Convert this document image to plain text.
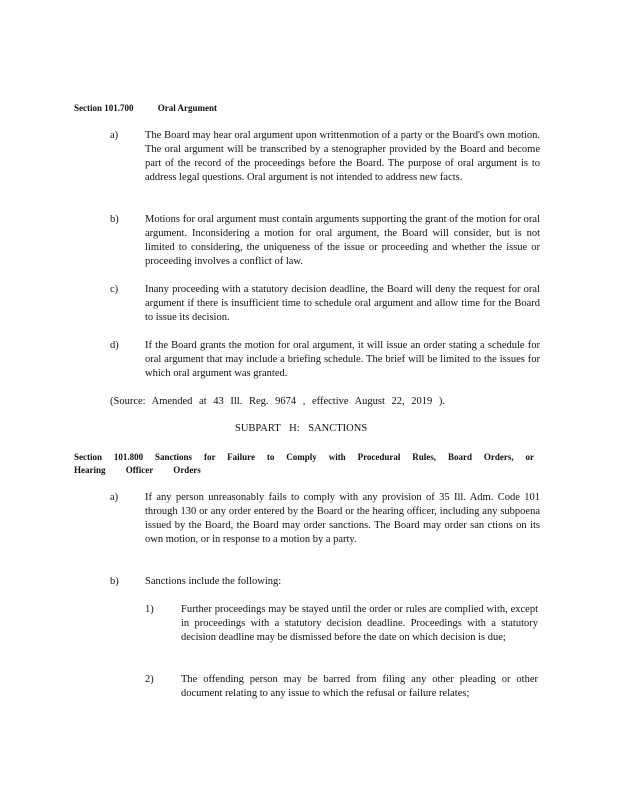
Section 101.700	Oral Argument
a)	The Board may hear oral argument upon writtenmotion of a party or the Board's own motion. The oral argument will be transcribed by a stenographer provided by the Board and become part of the record of the proceedings before the Board. The purpose of oral argument is to address legal questions. Oral argument is not intended to address new facts.
b)	Motions for oral argument must contain arguments supporting the grant of the motion for oral argument. Inconsidering a motion for oral argument, the Board will consider, but is not limited to considering, the uniqueness of the issue or proceeding and whether the issue or proceeding involves a conflict of law.
c)	Inany proceeding with a statutory decision deadline, the Board will deny the request for oral argument if there is insufficient time to schedule oral argument and allow time for the Board to issue its decision.
d)	If the Board grants the motion for oral argument, it will issue an order stating a schedule for oral argument that may include a briefing schedule. The brief will be limited to the issues for which oral argument was granted.
(Source: Amended at 43 Ill. Reg. 9674 , effective August 22, 2019 ).
SUBPART H: SANCTIONS
Section 101.800 Sanctions for Failure to Comply with Procedural Rules, Board Orders, or
Hearing Officer Orders
a)	If any person unreasonably fails to comply with any provision of 35 Ill. Adm. Code 101 through 130 or any order entered by the Board or the hearing officer, including any subpoena issued by the Board, the Board may order sanctions. The Board may order san ctions on its own motion, or in response to a motion by a party.
b)	Sanctions include the following:
1)	Further proceedings may be stayed until the order or rules are complied with, except in proceedings with a statutory decision deadline. Proceedings with a statutory decision deadline may be dismissed before the date on which decision is due;
2)	The offending person may be barred from filing any other pleading or other document relating to any issue to which the refusal or failure relates;
